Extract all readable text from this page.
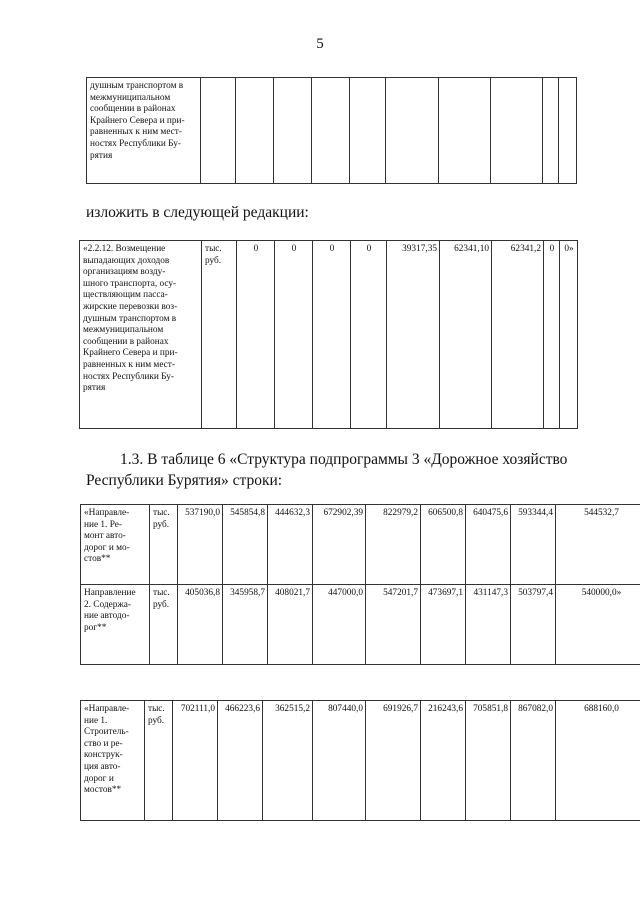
5
душным транспортом в
межмуниципальном
сообщении в районах
Крайнего Севера и при-
равненных к ним мест-
ностях Республики Бу-
рятия

изложить в следующей редакции:
«2.2.12. Возмещение
выпадающих доходов
организациям возду-
шного транспорта, осу-
ществляющим пасса-
жирские перевозки воз-
душным транспортом в
межмуниципальном
сообщении в районах
Крайнего Севера и при-
равненных к ним мест-
ностях Республики Бу-
рятия
	тыс. руб.	0	0	0	0	39317,35	62341,10	62341,2	0	0»
1.3. В таблице 6 «Структура подпрограммы 3 «Дорожное хозяйство
Республики Бурятия» строки:
«Направле-
ние 1. Ре-
монт авто-
дорог и мо-
стов**	тыс. руб.	537190,0	545854,8	444632,3	672902,39	822979,2	606500,8	640475,6	593344,4	544532,7

Направление
2. Содержа-
ние автодо-
рог**	тыс. руб.	405036,8	345958,7	408021,7	447000,0	547201,7	473697,1	431147,3	503797,4	540000,0»
«Направле-
ние 1.
Строитель-
ство и ре-
конструк-
ция авто-
дорог и
мостов**
	тыс. руб.	702111,0	466223,6	362515,2	807440,0	691926,7	216243,6	705851,8	867082,0	688160,0
